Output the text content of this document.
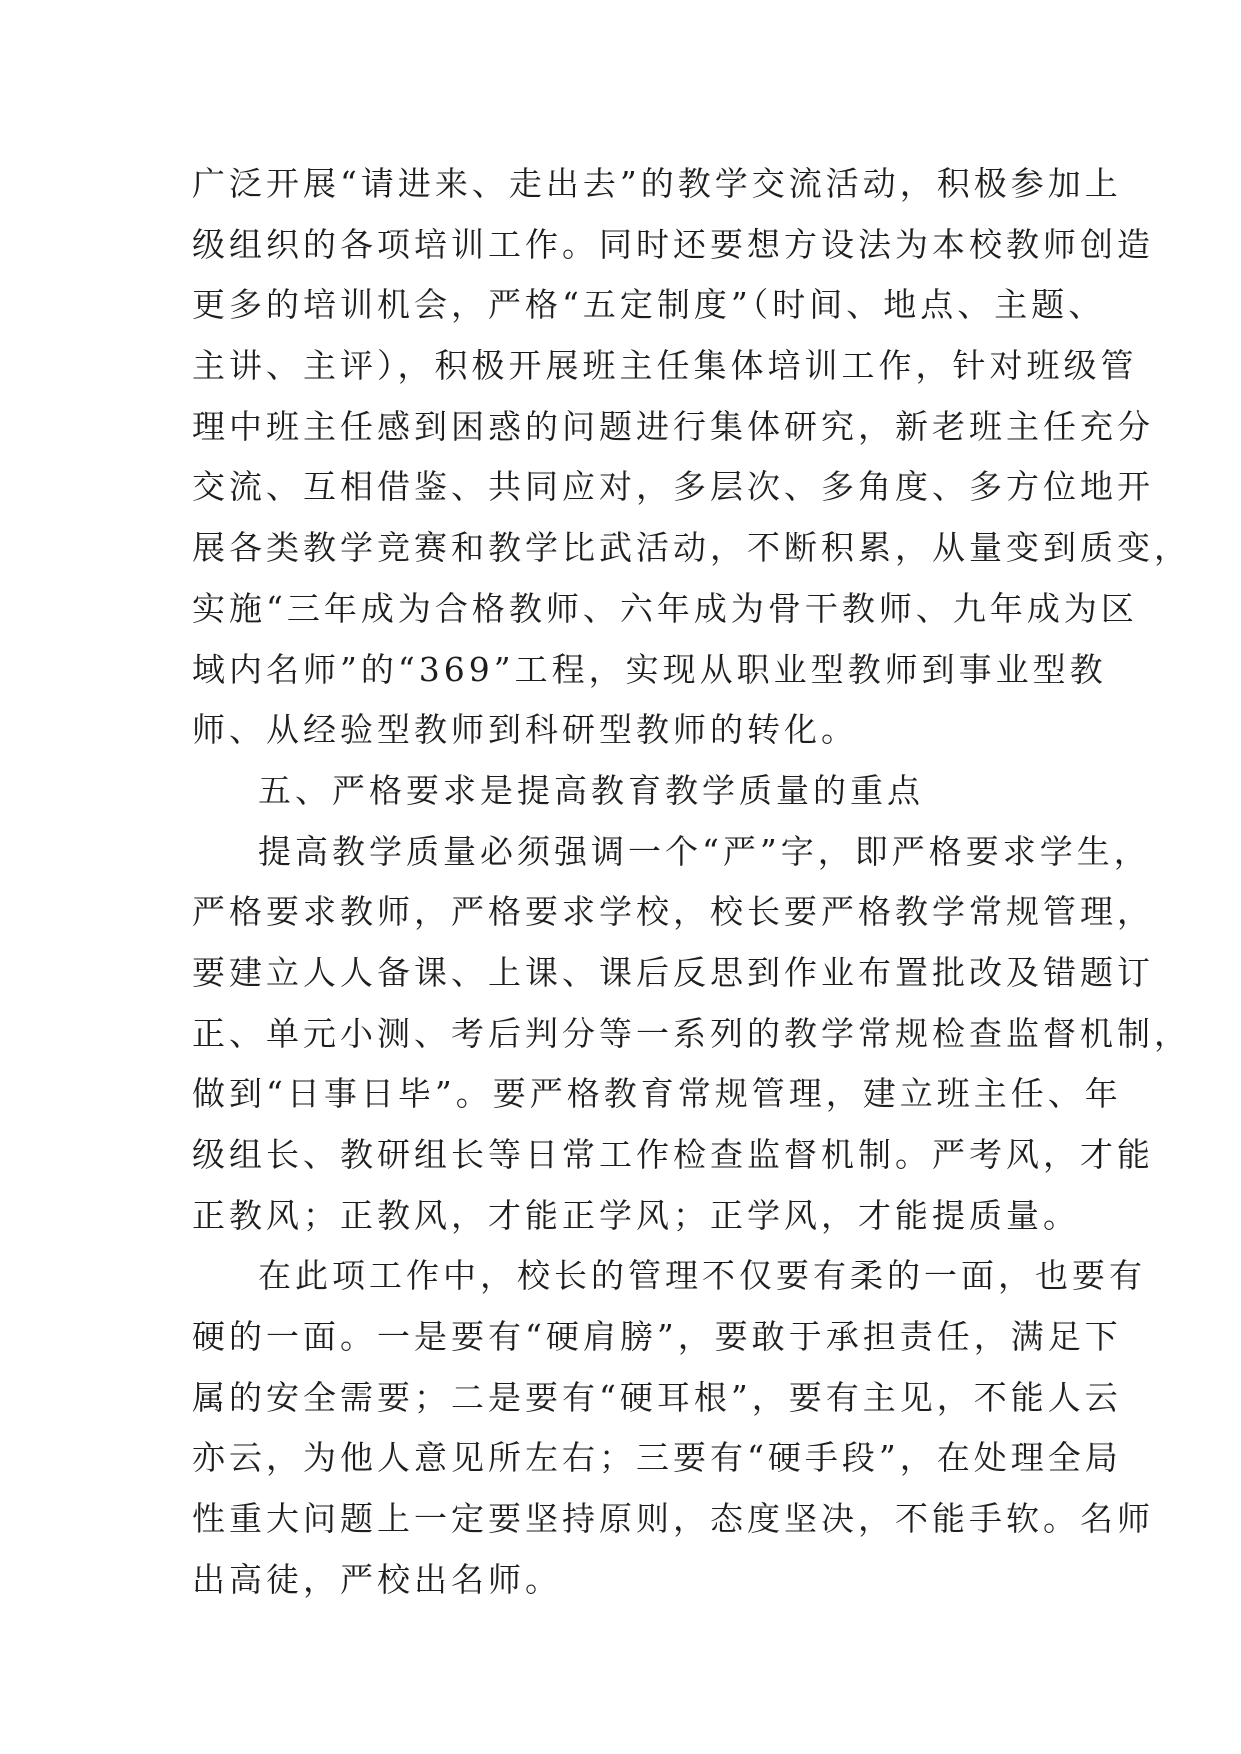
广泛开展“请进来、走出去”的教学交流活动，积极参加上
级组织的各项培训工作。同时还要想方设法为本校教师创造
更多的培训机会，严格“五定制度”（时间、地点、主题、
主讲、主评），积极开展班主任集体培训工作，针对班级管
理中班主任感到困惑的问题进行集体研究，新老班主任充分
交流、互相借鉴、共同应对，多层次、多角度、多方位地开
展各类教学竞赛和教学比武活动，不断积累，从量变到质变，
实施“三年成为合格教师、六年成为骨干教师、九年成为区
域内名师”的“369”工程，实现从职业型教师到事业型教
师、从经验型教师到科研型教师的转化。
五、严格要求是提高教育教学质量的重点
提高教学质量必须强调一个“严”字，即严格要求学生，
严格要求教师，严格要求学校，校长要严格教学常规管理，
要建立人人备课、上课、课后反思到作业布置批改及错题订
正、单元小测、考后判分等一系列的教学常规检查监督机制，
做到“日事日毕”。要严格教育常规管理，建立班主任、年
级组长、教研组长等日常工作检查监督机制。严考风，才能
正教风；正教风，才能正学风；正学风，才能提质量。
在此项工作中，校长的管理不仅要有柔的一面，也要有
硬的一面。一是要有“硬肩膀”，要敢于承担责任，满足下
属的安全需要；二是要有“硬耳根”，要有主见，不能人云
亦云，为他人意见所左右；三要有“硬手段”，在处理全局
性重大问题上一定要坚持原则，态度坚决，不能手软。名师
出高徒，严校出名师。
